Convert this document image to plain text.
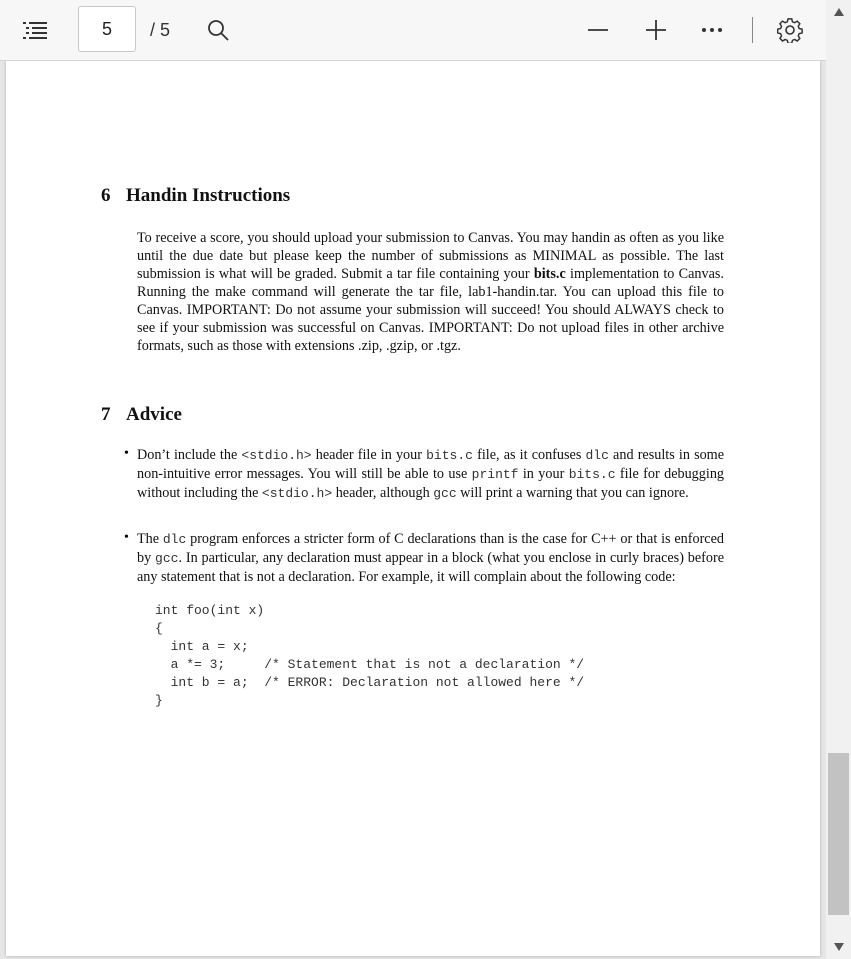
5	/ 5
6 Handin Instructions
To receive a score, you should upload your submission to Canvas. You may handin as often as you like until the due date but please keep the number of submissions as MINIMAL as possible. The last submission is what will be graded. Submit a tar file containing your bits.c implementation to Canvas. Running the make command will generate the tar file, lab1-handin.tar. You can upload this file to Canvas. IMPORTANT: Do not assume your submission will succeed! You should ALWAYS check to see if your submission was successful on Canvas. IMPORTANT: Do not upload files in other archive formats, such as those with extensions .zip, .gzip, or .tgz.
7 Advice
• Don’t include the <stdio.h> header file in your bits.c file, as it confuses dlc and results in some non-intuitive error messages. You will still be able to use printf in your bits.c file for debugging without including the <stdio.h> header, although gcc will print a warning that you can ignore.
• The dlc program enforces a stricter form of C declarations than is the case for C++ or that is enforced by gcc. In particular, any declaration must appear in a block (what you enclose in curly braces) before any statement that is not a declaration. For example, it will complain about the following code:
int foo(int x)
{
int a = x;
a *= 3;     /* Statement that is not a declaration */
int b = a;  /* ERROR: Declaration not allowed here */
}
